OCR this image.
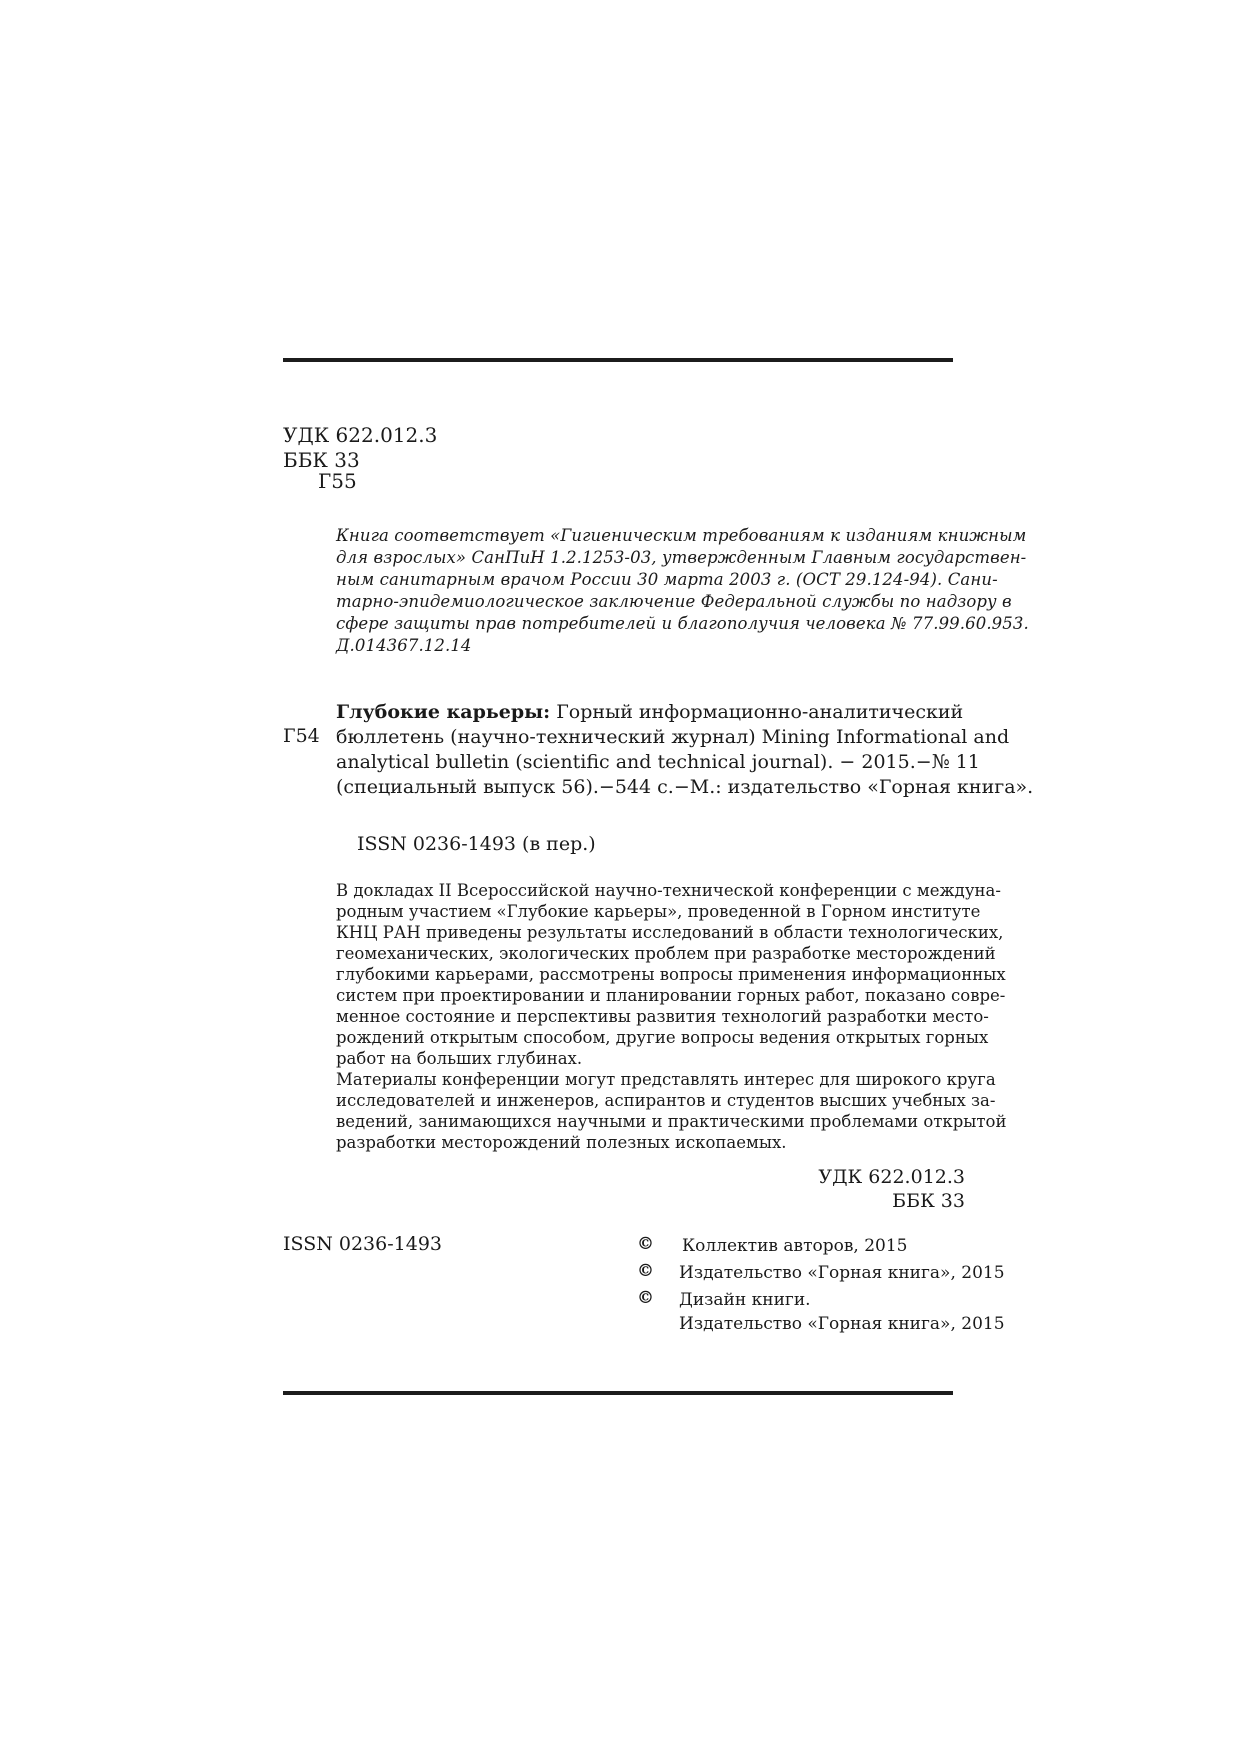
УДК 622.012.3
ББК 33
Г55
Книга соответствует «Гигиеническим требованиям к изданиям книжным
для взрослых» СанПиН 1.2.1253-03, утвержденным Главным государствен-
ным санитарным врачом России 30 марта 2003 г. (ОСТ 29.124-94). Сани-
тарно-эпидемиологическое заключение Федеральной службы по надзору в
сфере защиты прав потребителей и благополучия человека № 77.99.60.953.
Д.014367.12.14
Г54
Глубокие карьеры: Горный информационно-аналитический
бюллетень (научно-технический журнал) Mining Informational and
analytical bulletin (scientific and technical journal). − 2015.−№ 11
(специальный выпуск 56).−544 с.−М.: издательство «Горная книга».
ISSN 0236-1493 (в пер.)
В докладах II Всероссийской научно-технической конференции с междуна-
родным участием «Глубокие карьеры», проведенной в Горном институте
КНЦ РАН приведены результаты исследований в области технологических,
геомеханических, экологических проблем при разработке месторождений
глубокими карьерами, рассмотрены вопросы применения информационных
систем при проектировании и планировании горных работ, показано совре-
менное состояние и перспективы развития технологий разработки место-
рождений открытым способом, другие вопросы ведения открытых горных
работ на больших глубинах.
Материалы конференции могут представлять интерес для широкого круга
исследователей и инженеров, аспирантов и студентов высших учебных за-
ведений, занимающихся научными и практическими проблемами открытой
разработки месторождений полезных ископаемых.
УДК 622.012.3
ББК 33
ISSN 0236-1493	© Коллектив авторов, 2015
© Издательство «Горная книга», 2015
© Дизайн книги.
Издательство «Горная книга», 2015
